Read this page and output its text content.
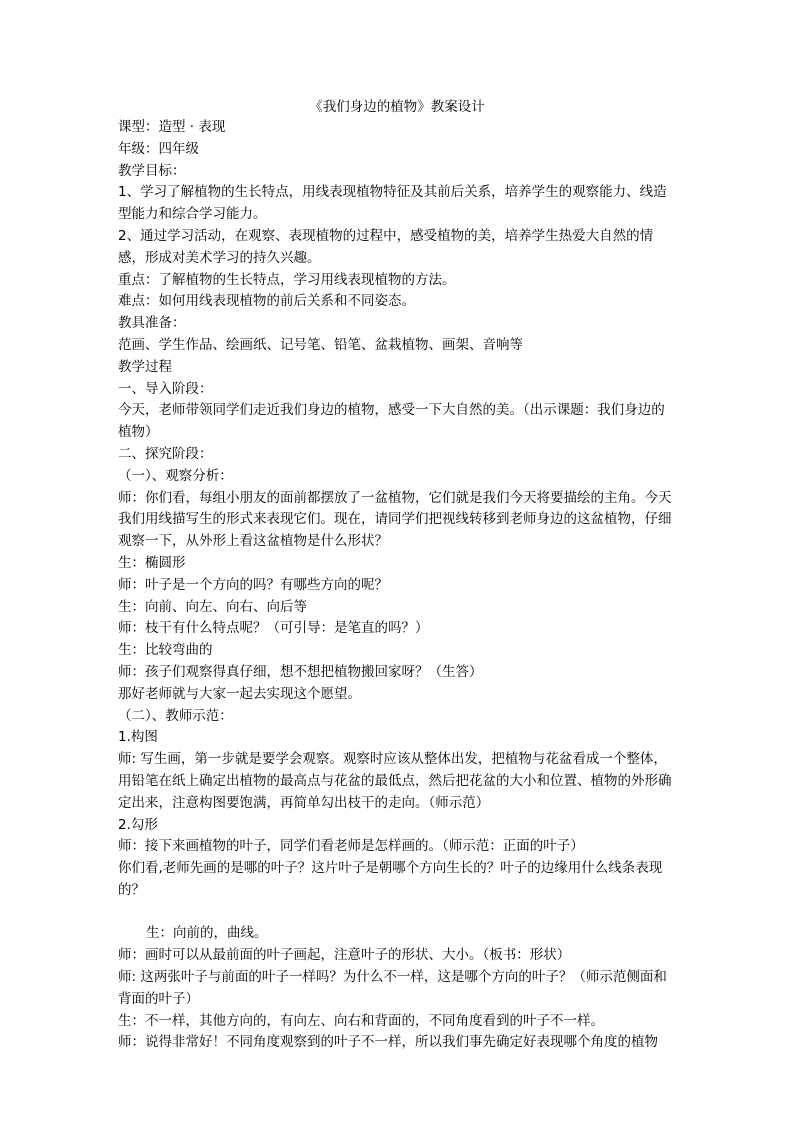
《我们身边的植物》教案设计

课型：造型 · 表现

年级：四年级

教学目标：

1、学习了解植物的生长特点，用线表现植物特征及其前后关系，培养学生的观察能力、线造型能力和综合学习能力。

2、通过学习活动，在观察、表现植物的过程中，感受植物的美，培养学生热爱大自然的情感，形成对美术学习的持久兴趣。

重点：了解植物的生长特点，学习用线表现植物的方法。

难点：如何用线表现植物的前后关系和不同姿态。

教具准备：

范画、学生作品、绘画纸、记号笔、铅笔、盆栽植物、画架、音响等

教学过程

一、导入阶段：

今天，老师带领同学们走近我们身边的植物，感受一下大自然的美。（出示课题：我们身边的植物）

二、探究阶段：

（一）、观察分析：

师：你们看，每组小朋友的面前都摆放了一盆植物，它们就是我们今天将要描绘的主角。今天我们用线描写生的形式来表现它们。现在，请同学们把视线转移到老师身边的这盆植物，仔细观察一下，从外形上看这盆植物是什么形状？

生：椭圆形

师：叶子是一个方向的吗？有哪些方向的呢？

生：向前、向左、向右、向后等

师：枝干有什么特点呢？（可引导：是笔直的吗？）

生：比较弯曲的

师：孩子们观察得真仔细，想不想把植物搬回家呀？（生答）

那好老师就与大家一起去实现这个愿望。

（二）、教师示范：

1.构图

师: 写生画，第一步就是要学会观察。观察时应该从整体出发，把植物与花盆看成一个整体，用铅笔在纸上确定出植物的最高点与花盆的最低点，然后把花盆的大小和位置、植物的外形确定出来，注意构图要饱满，再简单勾出枝干的走向。（师示范）

2.勾形

师：接下来画植物的叶子，同学们看老师是怎样画的。（师示范：正面的叶子）

你们看,老师先画的是哪的叶子？这片叶子是朝哪个方向生长的？叶子的边缘用什么线条表现的？

生：向前的，曲线。

师：画时可以从最前面的叶子画起，注意叶子的形状、大小。（板书：形状）

师: 这两张叶子与前面的叶子一样吗？为什么不一样，这是哪个方向的叶子？（师示范侧面和背面的叶子）

生：不一样，其他方向的，有向左、向右和背面的，不同角度看到的叶子不一样。

师：说得非常好！不同角度观察到的叶子不一样，所以我们事先确定好表现哪个角度的植物
